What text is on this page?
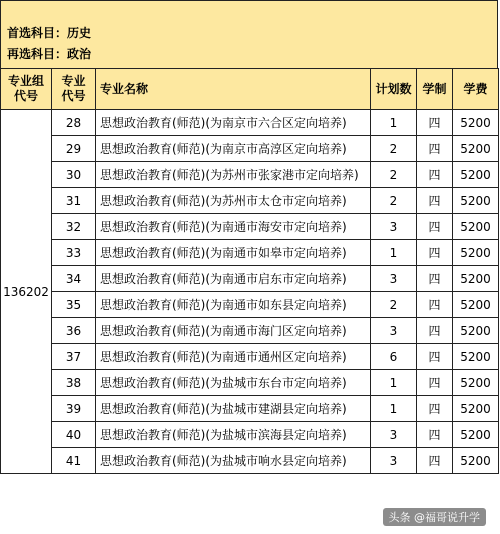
首选科目：历史
再选科目：政治
专业组
代号	专业
代号	专业名称	计划数	学制	学费
136202	28	思想政治教育(师范)(为南京市六合区定向培养)	1	四	5200
	29	思想政治教育(师范)(为南京市高淳区定向培养)	2	四	5200
	30	思想政治教育(师范)(为苏州市张家港市定向培养)	2	四	5200
	31	思想政治教育(师范)(为苏州市太仓市定向培养)	2	四	5200
	32	思想政治教育(师范)(为南通市海安市定向培养)	3	四	5200
	33	思想政治教育(师范)(为南通市如皋市定向培养)	1	四	5200
	34	思想政治教育(师范)(为南通市启东市定向培养)	3	四	5200
	35	思想政治教育(师范)(为南通市如东县定向培养)	2	四	5200
	36	思想政治教育(师范)(为南通市海门区定向培养)	3	四	5200
	37	思想政治教育(师范)(为南通市通州区定向培养)	6	四	5200
	38	思想政治教育(师范)(为盐城市东台市定向培养)	1	四	5200
	39	思想政治教育(师范)(为盐城市建湖县定向培养)	1	四	5200
	40	思想政治教育(师范)(为盐城市滨海县定向培养)	3	四	5200
	41	思想政治教育(师范)(为盐城市响水县定向培养)	3	四	5200
头条 @福哥说升学
